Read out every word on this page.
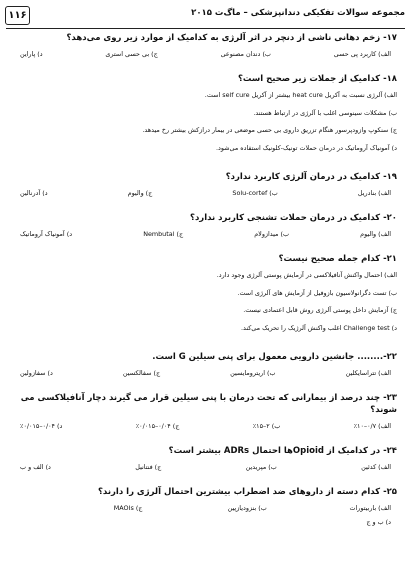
۱۱۶	مجموعه سوالات تفکیکی دندانپزشکی – ماگ‌ت ۲۰۱۵
۱۷- زخم دهانی ناشی از دنچر در اثر آلرژی به کدامیک از موارد زیر روی می‌دهد؟
الف) کاربرد پی حسی
ب) دندان مصنوعی
ج) بی حسی استری
د) پاراین
۱۸- کدامیک از جملات زیر صحیح است؟
الف) آلرژی نسبت به آکریل heat cure بیشتر از آکریل self cure است.
ب) مشکلات سینوسی اغلب با آلرژی در ارتباط هستند.
ج) سنکوپ وازودپرسور هنگام تزریق داروی بی حسی موضعی در بیمار دراز‌کش بیشتر رخ میدهد.
د) آمونیاک آروماتیک در درمان حملات تونیک-کلونیک استفاده می‌شود.
۱۹- کدامیک در درمان آلرژی کاربرد ندارد؟
الف) بنادریل
ب) Solu-cortef
ج) والیوم
د) آدرنالین
۲۰- کدامیک در درمان حملات تشنجی کاربرد ندارد؟
الف) والیوم
ب) میدازولام
ج) Nembutal
د) آمونیاک آروماتیک
۲۱- کدام جمله صحیح نیست؟
الف) احتمال واکنش آنافیلاکسی در آزمایش پوستی آلرژی وجود دارد.
ب) تست دگرانولاسیون بازوفیل از آزمایش های آلرژی است.
ج) آزمایش داخل پوستی آلرژی روش قابل اعتمادی نیست.
د) Challenge test اغلب واکنش آلرژیک را تحریک می‌کند.
۲۲-........ جانشین دارویی معمول برای پنی سیلین G است.
الف) تتراسایکلین
ب) اریترومایسین
ج) سفالکسین
د) سفازولین
۲۳- چند درصد از بیمارانی که تحت درمان با پنی سیلین قرار می گیرند دچار آنافیلاکسی می شوند؟
الف) ۰/۷–۱۰٪
ب) ۲–۱۵٪
ج) ۰/۰۴–۰/۰۱۵٪
د) ۰/۰۴–۰/۰۱۵٪
۲۴- در کدامیک از Opioidها احتمال ADRs بیشتر است؟
الف) کدئین
ب) مپریدین
ج) فنتانیل
د) الف و ب
۲۵- کدام دسته از داروهای ضد اضطراب بیشترین احتمال آلرژی را دارند؟
الف) باربیتورات
ب) بنزودیازپین
ج) MAOIs
د) ب و ج
